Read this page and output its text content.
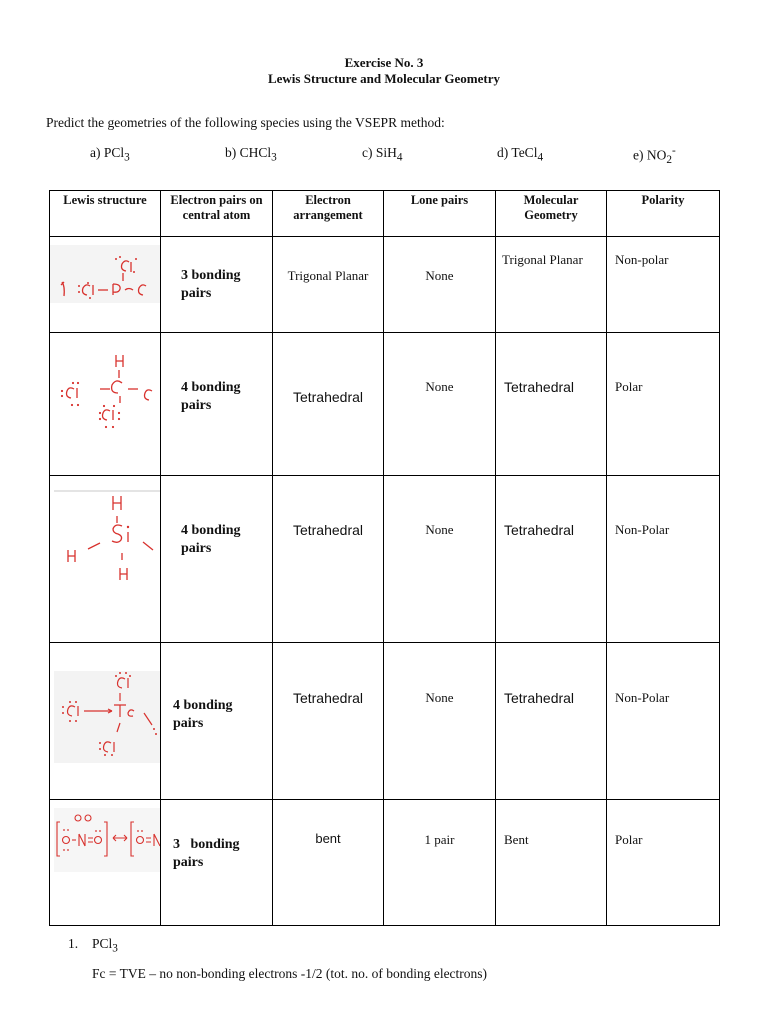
Exercise No. 3
Lewis Structure and Molecular Geometry
Predict the geometries of the following species using the VSEPR method:
a) PCl$_3$	b) CHCl$_3$	c) SiH$_4$	d) TeCl$_4$	e) $NO_2^-$
Lewis structure	Electron pairs on central atom	Electron arrangement	Lone pairs	Molecular Geometry	Polarity

3 bonding pairs	Trigonal Planar	None	Trigonal Planar	Non-polar

4 bonding pairs	Tetrahedral	None	Tetrahedral	Polar

4 bonding pairs	Tetrahedral	None	Tetrahedral	Non-Polar

4 bonding pairs	Tetrahedral	None	Tetrahedral	Non-Polar

3   bonding pairs	bent	1 pair	Bent	Polar
1. PCl$_3$
Fc = TVE – no non-bonding electrons -1/2 (tot. no. of bonding electrons)
